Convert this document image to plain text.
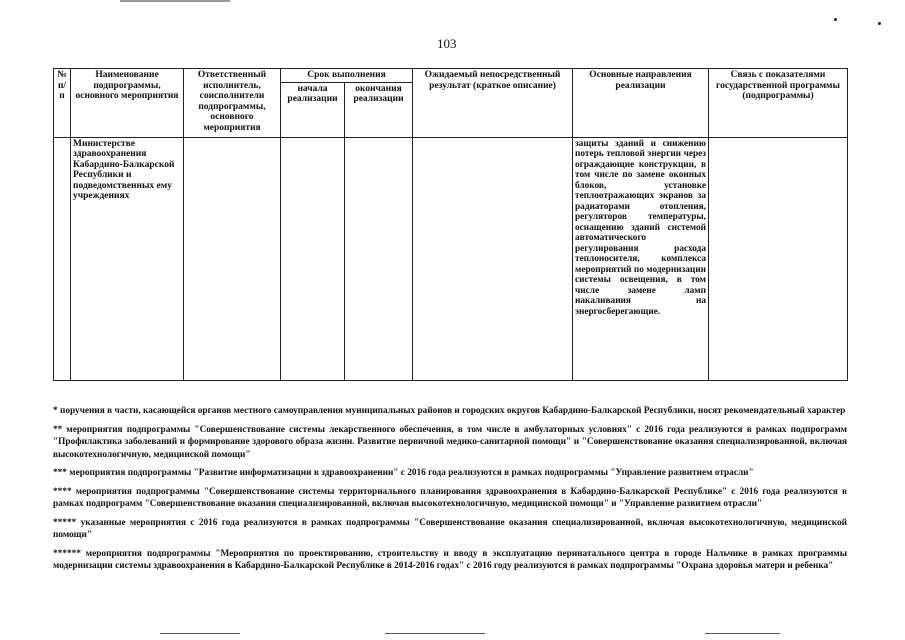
103
№ п/п	Наименование подпрограммы, основного мероприятия	Ответственный исполнитель, соисполнители подпрограммы, основного мероприятия	Срок выполнения		Ожидаемый непосредственный результат (краткое описание)	Основные направления реализации	Связь с показателями государственной программы (подпрограммы)
			начала реализации	окончания реализации			
	Министерстве здравоохранения Кабардино-Балкарской Республики и подведомственных ему учреждениях					защиты зданий и снижению потерь тепловой энергии через ограждающие конструкции, в том числе по замене оконных блоков, установке теплоотражающих экранов за радиаторами отопления, регуляторов температуры, оснащению зданий системой автоматического регулирования расхода теплоносителя, комплекса мероприятий по модернизации системы освещения, в том числе замене ламп накаливания на энергосберегающие.	

* поручения в части, касающейся органов местного самоуправления муниципальных районов и городских округов Кабардино-Балкарской Республики, носят рекомендательный характер

** мероприятия подпрограммы "Совершенствование системы лекарственного обеспечения, в том числе в амбулаторных условиях" с 2016 года реализуются в рамках подпрограмм "Профилактика заболеваний и формирование здорового образа жизни. Развитие первичной медико-санитарной помощи" и "Совершенствование оказания специализированной, включая высокотехнологичную, медицинской помощи"

*** мероприятия подпрограммы "Развитие информатизации в здравоохранении" с 2016 года реализуются в рамках подпрограммы "Управление развитием отрасли"

**** мероприятия подпрограммы "Совершенствование системы территориального планирования здравоохранения в Кабардино-Балкарской Республике" с 2016 года реализуются в рамках подпрограмм "Совершенствование оказания специализированной, включая высокотехнологичную, медицинской помощи" и "Управление развитием отрасли"

***** указанные мероприятия с 2016 года реализуются в рамках подпрограммы "Совершенствование оказания специализированной, включая высокотехнологичную, медицинской помощи"

****** мероприятия подпрограммы "Мероприятия по проектированию, строительству и вводу в эксплуатацию перинатального центра в городе Нальчике в рамках программы модернизации системы здравоохранения в Кабардино-Балкарской Республике в 2014-2016 годах" с 2016 году реализуются в рамках подпрограммы "Охрана здоровья матери и ребенка"
